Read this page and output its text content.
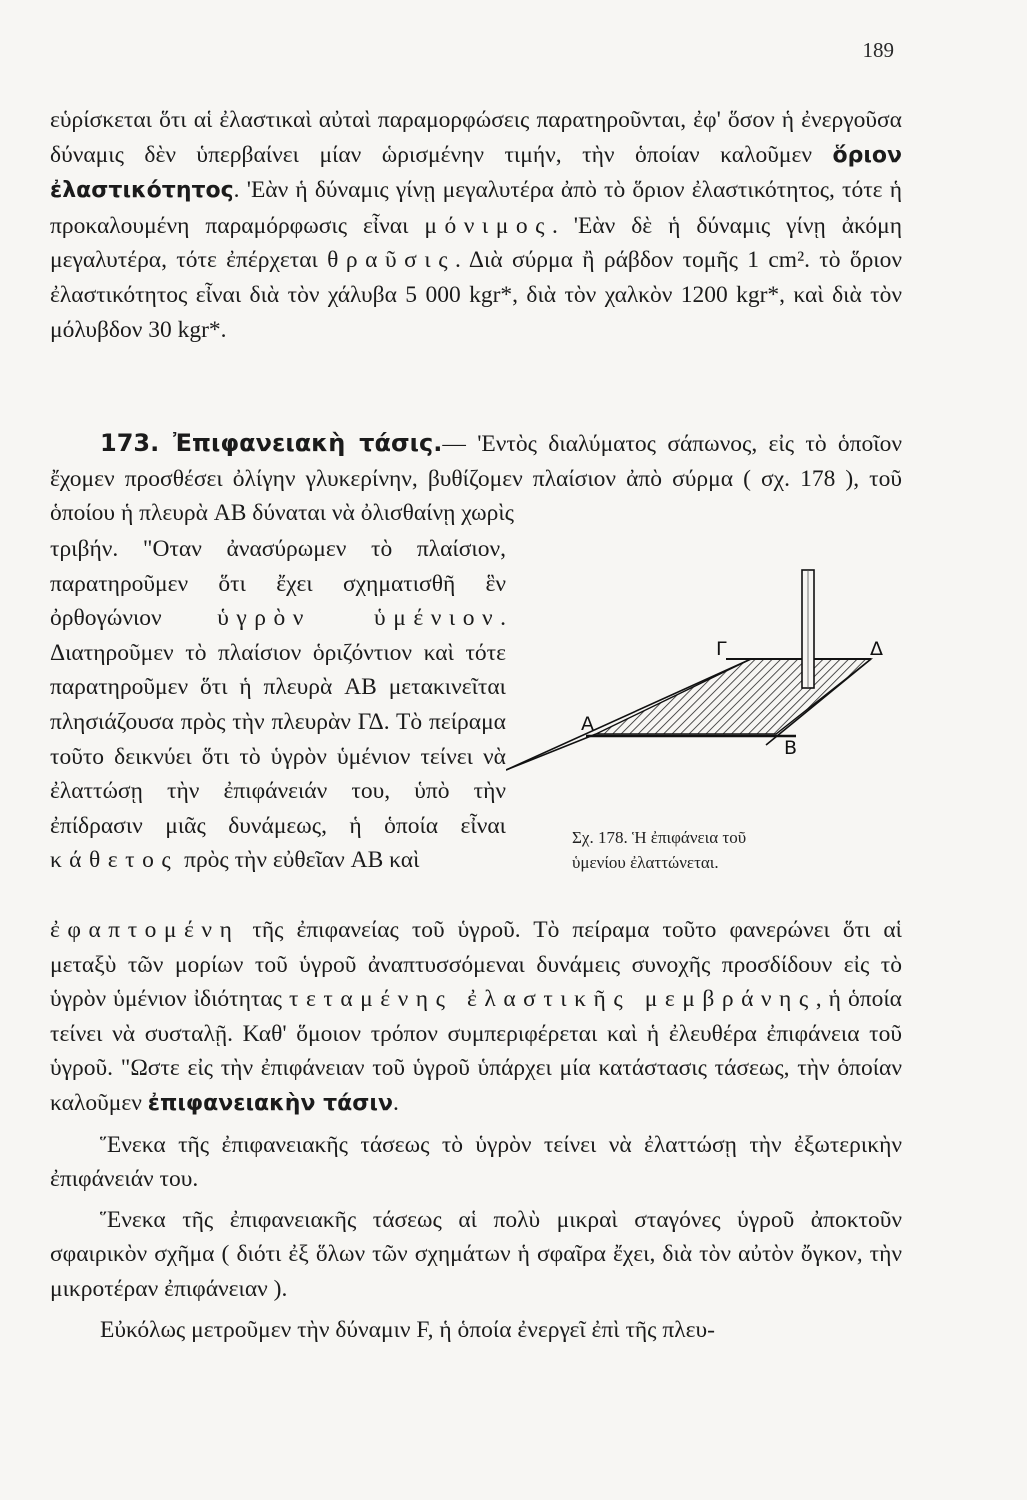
189

εὑρίσκεται ὅτι αἱ ἐλαστικαὶ αὐταὶ παραμορφώσεις παρατηροῦνται, ἐφ' ὅσον ἡ ἐνεργοῦσα δύναμις δὲν ὑπερβαίνει μίαν ὡρισμένην τιμήν, τὴν ὁποίαν καλοῦμεν ὅριον ἐλαστικότητος. 'Εὰν ἡ δύναμις γίνῃ μεγαλυτέρα ἀπὸ τὸ ὅριον ἐλαστικότητος, τότε ἡ προκαλουμένη παραμόρφωσις εἶναι μόνιμος. 'Εὰν δὲ ἡ δύναμις γίνῃ ἀκόμη μεγαλυτέρα, τότε ἐπέρχεται θραῦσις. Διὰ σύρμα ἢ ράβδον τομῆς 1 cm². τὸ ὅριον ἐλαστικότητος εἶναι διὰ τὸν χάλυβα 5 000 kgr*, διὰ τὸν χαλκὸν 1200 kgr*, καὶ διὰ τὸν μόλυβδον 30 kgr*.

173. Ἐπιφανειακὴ τάσις.— 'Εντὸς διαλύματος σάπωνος, εἰς τὸ ὁποῖον ἔχομεν προσθέσει ὀλίγην γλυκερίνην, βυθίζομεν πλαίσιον ἀπὸ σύρμα ( σχ. 178 ), τοῦ ὁποίου ἡ πλευρὰ AB δύναται νὰ ὀλισθαίνῃ χωρὶς

τριβήν. "Οταν ἀνασύρωμεν τὸ πλαίσιον, παρατηροῦμεν ὅτι ἔχει σχηματισθῆ ἓν ὀρθογώνιον ὑγρὸν ὑμένιον. Διατηροῦμεν τὸ πλαίσιον ὁριζόντιον καὶ τότε παρατηροῦμεν ὅτι ἡ πλευρὰ AB μετακινεῖται πλησιάζουσα πρὸς τὴν πλευρὰν ΓΔ. Τὸ πείραμα τοῦτο δεικνύει ὅτι τὸ ὑγρὸν ὑμένιον τείνει νὰ ἐλαττώσῃ τὴν ἐπιφάνειάν του, ὑπὸ τὴν ἐπίδρασιν μιᾶς δυνάμεως, ἡ ὁποία εἶναι κάθετος πρὸς τὴν εὐθεῖαν AB καὶ

Γ	Δ
A
B
Σχ. 178. Ἡ ἐπιφάνεια τοῦ
ὑμενίου ἐλαττώνεται.

ἐφαπτομένη τῆς ἐπιφανείας τοῦ ὑγροῦ. Τὸ πείραμα τοῦτο φανερώνει ὅτι αἱ μεταξὺ τῶν μορίων τοῦ ὑγροῦ ἀναπτυσσόμεναι δυνάμεις συνοχῆς προσδίδουν εἰς τὸ ὑγρὸν ὑμένιον ἰδιότητας τεταμένης ἐλαστικῆς μεμβράνης, ἡ ὁποία τείνει νὰ συσταλῇ. Καθ' ὅμοιον τρόπον συμπεριφέρεται καὶ ἡ ἐλευθέρα ἐπιφάνεια τοῦ ὑγροῦ. "Ωστε εἰς τὴν ἐπιφάνειαν τοῦ ὑγροῦ ὑπάρχει μία κατάστασις τάσεως, τὴν ὁποίαν καλοῦμεν ἐπιφανειακὴν τάσιν.

Ἕνεκα τῆς ἐπιφανειακῆς τάσεως τὸ ὑγρὸν τείνει νὰ ἐλαττώσῃ τὴν ἐξωτερικὴν ἐπιφάνειάν του.

Ἕνεκα τῆς ἐπιφανειακῆς τάσεως αἱ πολὺ μικραὶ σταγόνες ὑγροῦ ἀποκτοῦν σφαιρικὸν σχῆμα ( διότι ἐξ ὅλων τῶν σχημάτων ἡ σφαῖρα ἔχει, διὰ τὸν αὐτὸν ὄγκον, τὴν μικροτέραν ἐπιφάνειαν ).

Εὐκόλως μετροῦμεν τὴν δύναμιν F, ἡ ὁποία ἐνεργεῖ ἐπὶ τῆς πλευ-
